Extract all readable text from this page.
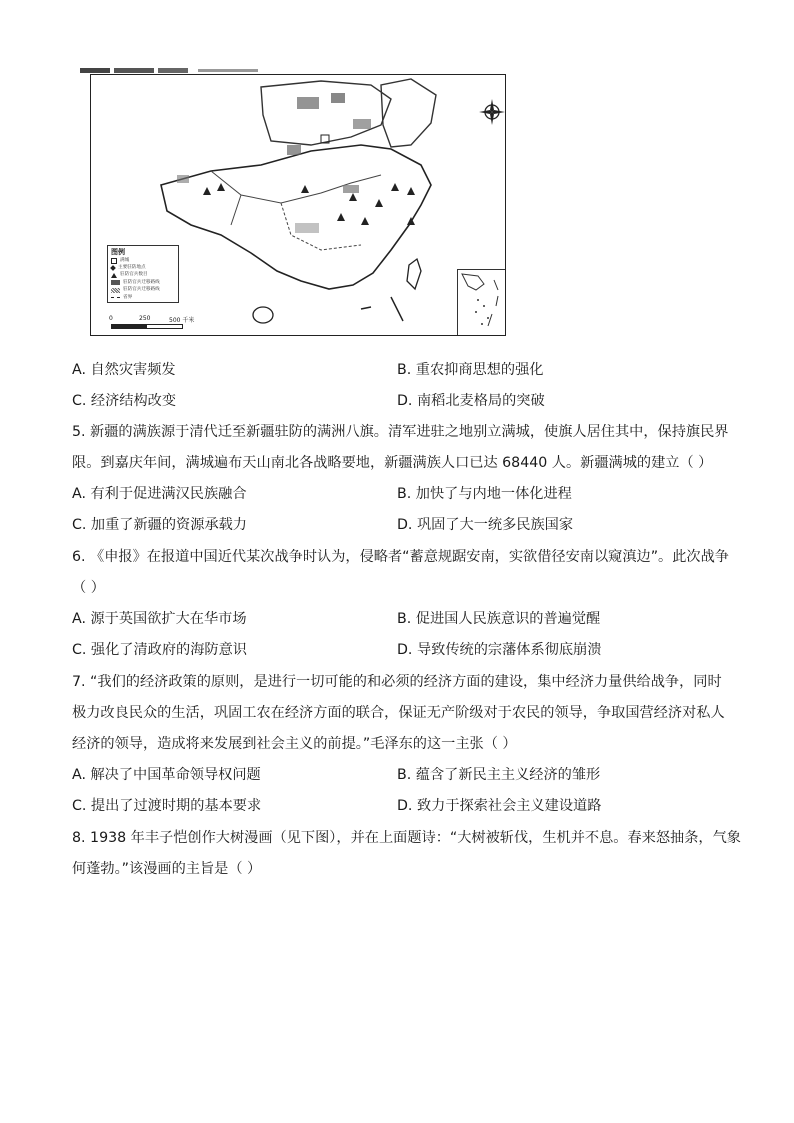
图例
满城
主要驻防地点
驻防官兵数目
驻防官兵迁移路线
驻防官兵迁移路线
省界
0	250	500 千米
A. 自然灾害频发	B. 重农抑商思想的强化
C. 经济结构改变	D. 南稻北麦格局的突破
5. 新疆的满族源于清代迁至新疆驻防的满洲八旗。清军进驻之地别立满城，使旗人居住其中，保持旗民界
限。到嘉庆年间，满城遍布天山南北各战略要地，新疆满族人口已达 68440 人。新疆满城的建立（ ）
A. 有利于促进满汉民族融合	B. 加快了与内地一体化进程
C. 加重了新疆的资源承载力	D. 巩固了大一统多民族国家
6. 《申报》在报道中国近代某次战争时认为，侵略者“蓄意规踞安南，实欲借径安南以窥滇边”。此次战争
（ ）
A. 源于英国欲扩大在华市场	B. 促进国人民族意识的普遍觉醒
C. 强化了清政府的海防意识	D. 导致传统的宗藩体系彻底崩溃
7. “我们的经济政策的原则，是进行一切可能的和必须的经济方面的建设，集中经济力量供给战争，同时
极力改良民众的生活，巩固工农在经济方面的联合，保证无产阶级对于农民的领导，争取国营经济对私人
经济的领导，造成将来发展到社会主义的前提。”毛泽东的这一主张（ ）
A. 解决了中国革命领导权问题	B. 蕴含了新民主主义经济的雏形
C. 提出了过渡时期的基本要求	D. 致力于探索社会主义建设道路
8. 1938 年丰子恺创作大树漫画（见下图），并在上面题诗：“大树被斩伐，生机并不息。春来怒抽条，气象
何蓬勃。”该漫画的主旨是（ ）
